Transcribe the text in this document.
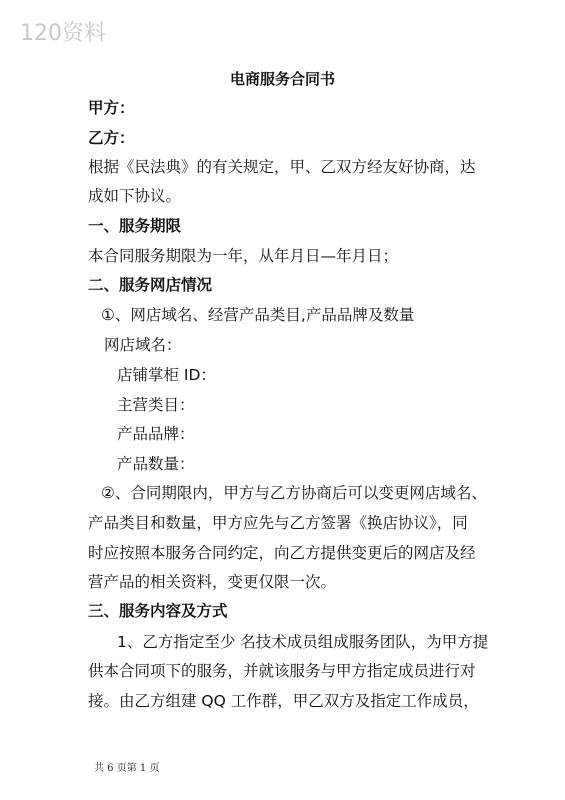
120资料
电商服务合同书
甲方：
乙方：
根据《民法典》的有关规定，甲、乙双方经友好协商，达
成如下协议。
一、服务期限
本合同服务期限为一年，从年月日—年月日；
二、服务网店情况
①、网店域名、经营产品类目,产品品牌及数量
网店域名：
店铺掌柜 ID：
主营类目：
产品品牌：
产品数量：
②、合同期限内，甲方与乙方协商后可以变更网店域名、
产品类目和数量，甲方应先与乙方签署《换店协议》，同
时应按照本服务合同约定，向乙方提供变更后的网店及经
营产品的相关资料，变更仅限一次。
三、服务内容及方式
1、乙方指定至少 名技术成员组成服务团队，为甲方提
供本合同项下的服务，并就该服务与甲方指定成员进行对
接。由乙方组建 QQ 工作群，甲乙双方及指定工作成员，
共 6 页第 1 页
